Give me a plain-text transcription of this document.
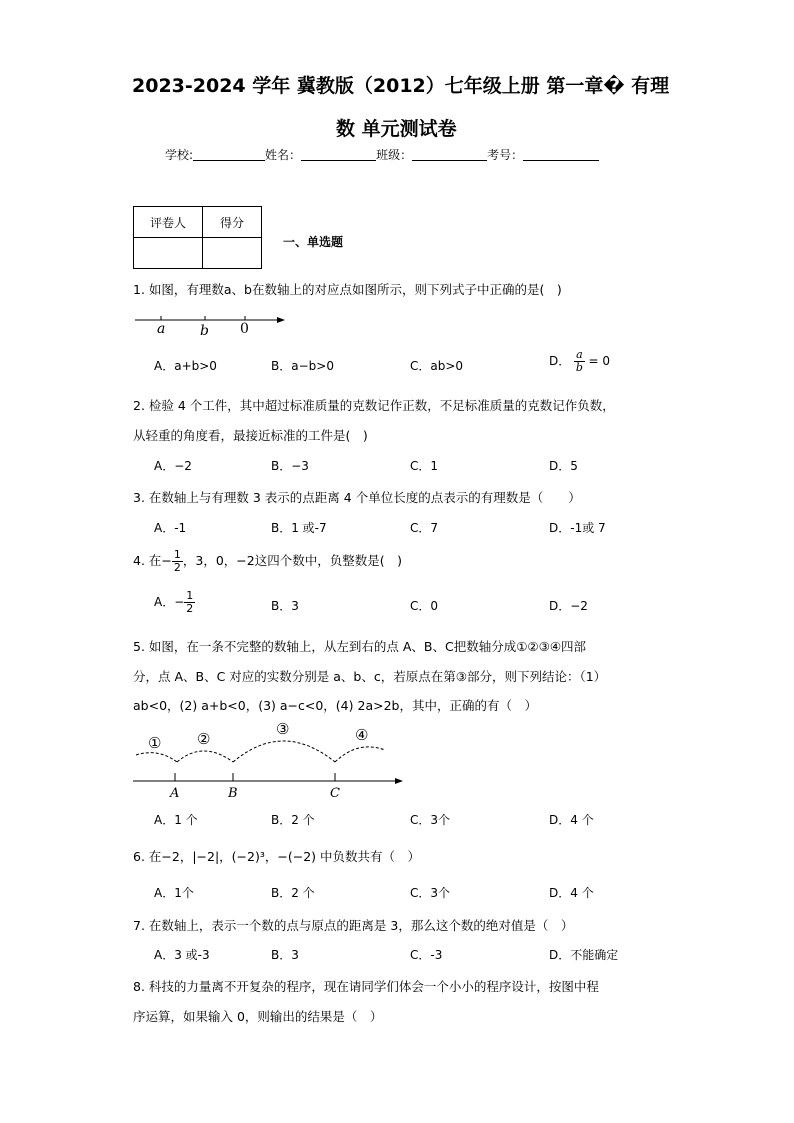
2023-2024 学年 冀教版（2012）七年级上册 第一章� 有理
数 单元测试卷
学校:	姓名：	班级：	考号：
评卷人	得分

一、单选题
1. 如图，有理数a、b在数轴上的对应点如图所示，则下列式子中正确的是(　)
a b 0
A．a+b>0	B．a−b>0	C．ab>0	D． $\frac{a}{b} = 0$
2. 检验 4 个工件，其中超过标准质量的克数记作正数，不足标准质量的克数记作负数，
从轻重的角度看，最接近标准的工件是(　)
A．−2	B．−3	C．1	D．5
3. 在数轴上与有理数 3 表示的点距离 4 个单位长度的点表示的有理数是（　　）
A．-1	B．1 或-7	C．7	D．-1或 7
4. 在− $\frac{1}{2}$ ，3，0，−2这四个数中，负整数是(　)
A．− $\frac{1}{2}$	B．3	C．0	D．−2
5. 如图，在一条不完整的数轴上，从左到右的点 A、B、C把数轴分成①②③④四部
分，点 A、B、C 对应的实数分别是 a、b、c，若原点在第③部分，则下列结论：（1）
ab<0，(2) a+b<0，(3) a−c<0，(4) 2a>2b，其中，正确的有（　）
① ②
③	④
A	B	C
A．1 个	B．2 个	C．3个	D．4 个
6. 在−2，|−2|，(−2)³，−(−2) 中负数共有（　）
A．1个	B．2 个	C．3个	D．4 个
7. 在数轴上，表示一个数的点与原点的距离是 3，那么这个数的绝对值是（　）
A．3 或-3	B．3	C．-3	D．不能确定
8. 科技的力量离不开复杂的程序，现在请同学们体会一个小小的程序设计，按图中程
序运算，如果输入 0，则输出的结果是（　）
